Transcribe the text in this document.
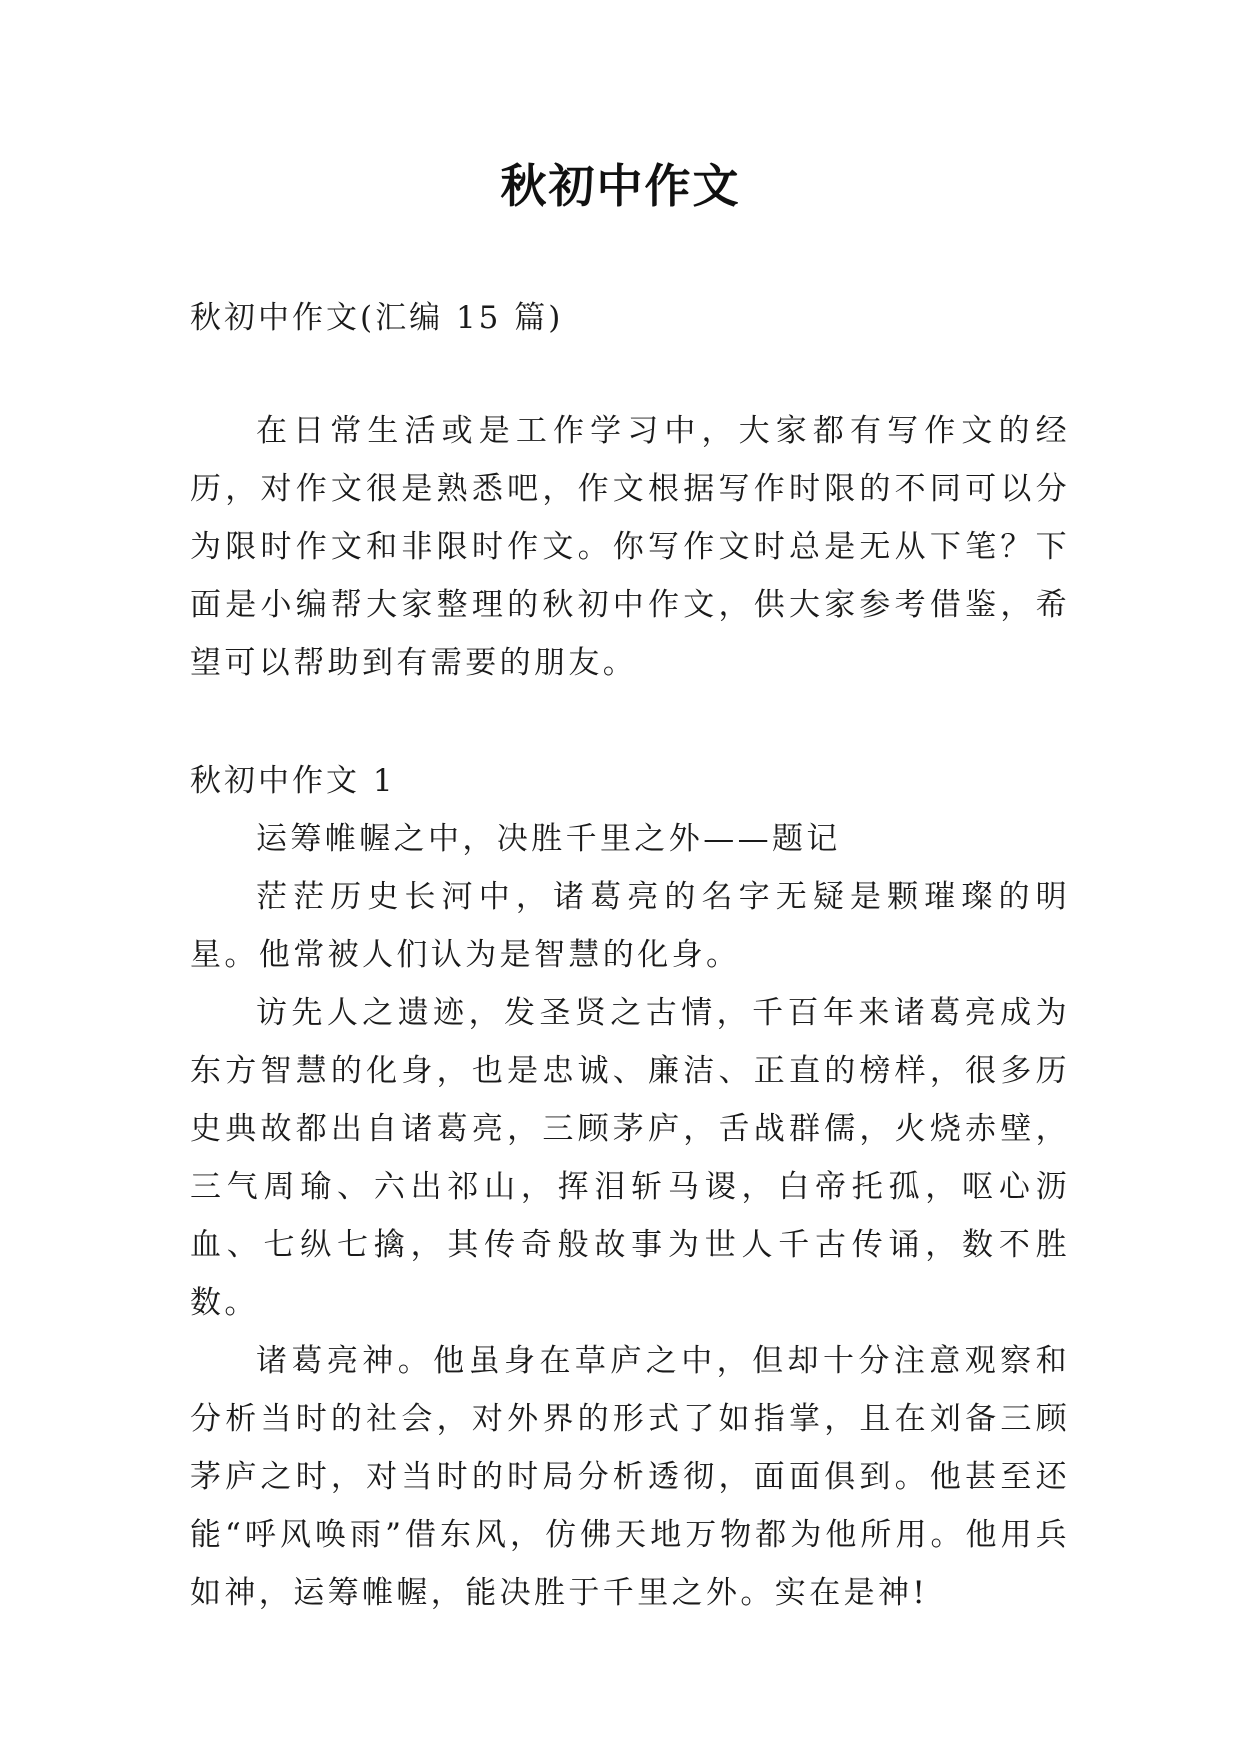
秋初中作文
秋初中作文(汇编 15 篇)

在日常生活或是工作学习中，大家都有写作文的经历，对作文很是熟悉吧，作文根据写作时限的不同可以分为限时作文和非限时作文。你写作文时总是无从下笔？下面是小编帮大家整理的秋初中作文，供大家参考借鉴，希望可以帮助到有需要的朋友。

秋初中作文 1

运筹帷幄之中，决胜千里之外——题记

茫茫历史长河中，诸葛亮的名字无疑是颗璀璨的明星。他常被人们认为是智慧的化身。

访先人之遗迹，发圣贤之古情，千百年来诸葛亮成为东方智慧的化身，也是忠诚、廉洁、正直的榜样，很多历史典故都出自诸葛亮，三顾茅庐，舌战群儒，火烧赤壁，三气周瑜、六出祁山，挥泪斩马谡，白帝托孤，呕心沥血、七纵七擒，其传奇般故事为世人千古传诵，数不胜数。

诸葛亮神。他虽身在草庐之中，但却十分注意观察和分析当时的社会，对外界的形式了如指掌，且在刘备三顾茅庐之时，对当时的时局分析透彻，面面俱到。他甚至还能“呼风唤雨”借东风，仿佛天地万物都为他所用。他用兵如神，运筹帷幄，能决胜于千里之外。实在是神!
